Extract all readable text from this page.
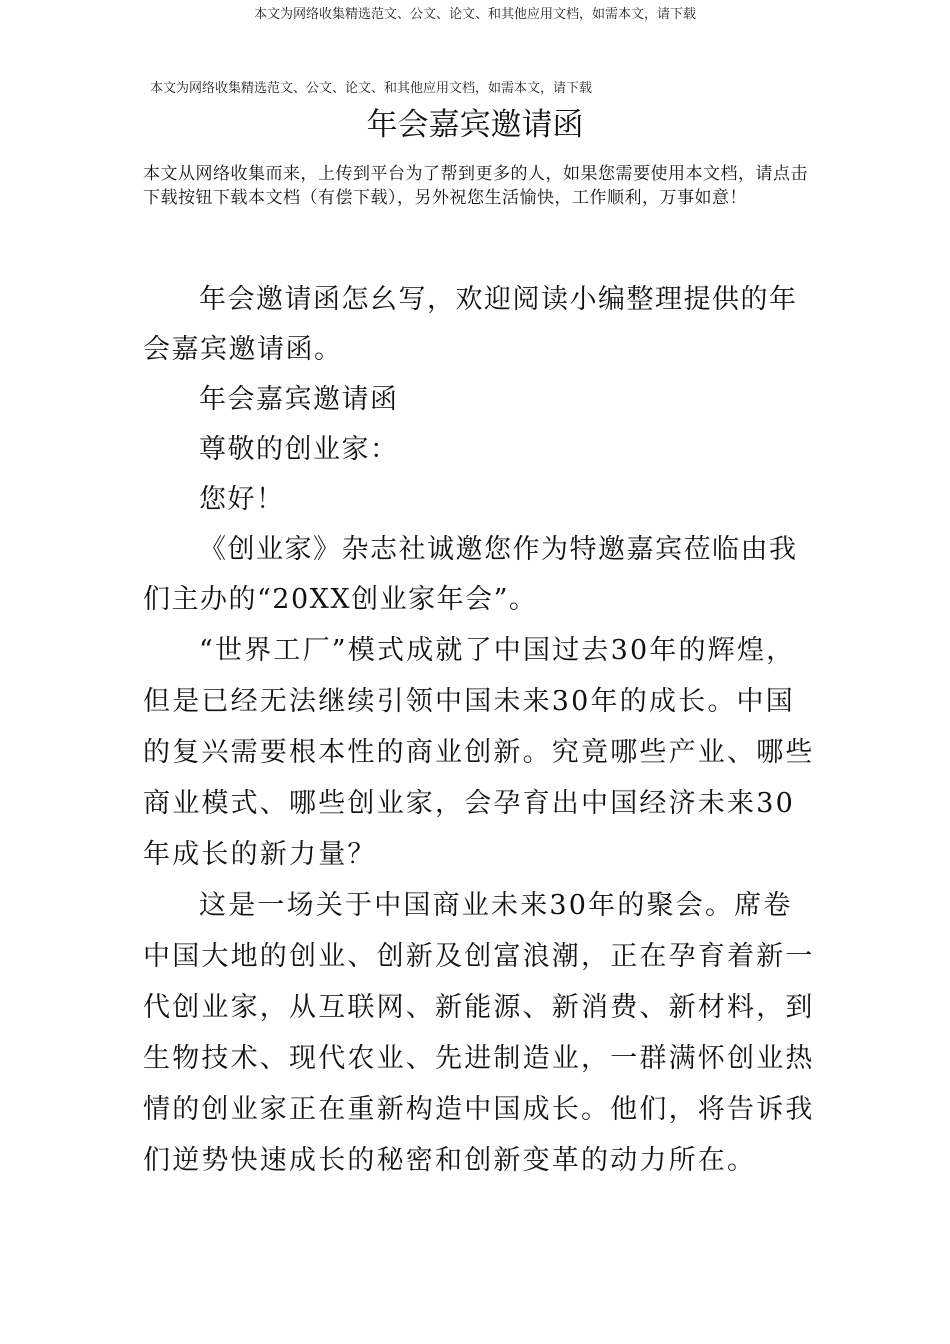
本文为网络收集精选范文、公文、论文、和其他应用文档，如需本文，请下载
本文为网络收集精选范文、公文、论文、和其他应用文档，如需本文，请下载
年会嘉宾邀请函

本文从网络收集而来，上传到平台为了帮到更多的人，如果您需要使用本文档，请点击下载按钮下载本文档（有偿下载），另外祝您生活愉快，工作顺利，万事如意！

年会邀请函怎幺写，欢迎阅读小编整理提供的年会嘉宾邀请函。

年会嘉宾邀请函

尊敬的创业家：

您好！

《创业家》杂志社诚邀您作为特邀嘉宾莅临由我们主办的“20XX创业家年会”。

“世界工厂”模式成就了中国过去30年的辉煌，但是已经无法继续引领中国未来30年的成长。中国的复兴需要根本性的商业创新。究竟哪些产业、哪些商业模式、哪些创业家，会孕育出中国经济未来30年成长的新力量？

这是一场关于中国商业未来30年的聚会。席卷中国大地的创业、创新及创富浪潮，正在孕育着新一代创业家，从互联网、新能源、新消费、新材料，到生物技术、现代农业、先进制造业，一群满怀创业热情的创业家正在重新构造中国成长。他们，将告诉我们逆势快速成长的秘密和创新变革的动力所在。
